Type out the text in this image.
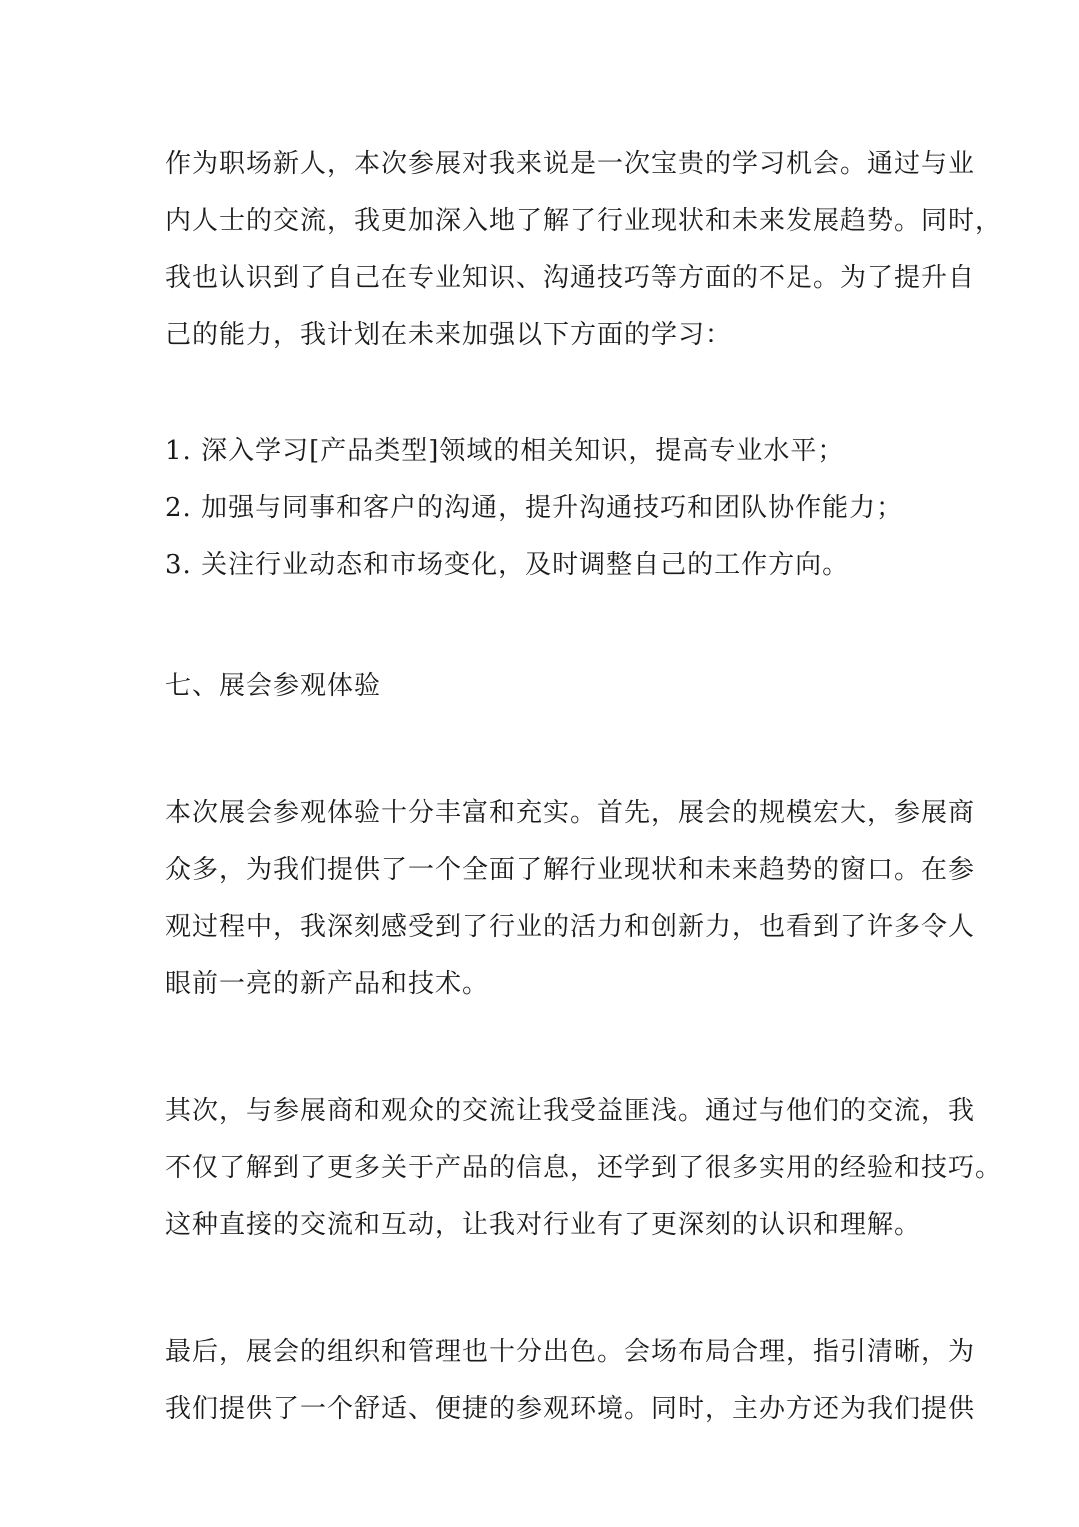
作为职场新人，本次参展对我来说是一次宝贵的学习机会。通过与业
内人士的交流，我更加深入地了解了行业现状和未来发展趋势。同时，
我也认识到了自己在专业知识、沟通技巧等方面的不足。为了提升自
己的能力，我计划在未来加强以下方面的学习：
1. 深入学习[产品类型]领域的相关知识，提高专业水平；
2. 加强与同事和客户的沟通，提升沟通技巧和团队协作能力；
3. 关注行业动态和市场变化，及时调整自己的工作方向。
七、展会参观体验
本次展会参观体验十分丰富和充实。首先，展会的规模宏大，参展商
众多，为我们提供了一个全面了解行业现状和未来趋势的窗口。在参
观过程中，我深刻感受到了行业的活力和创新力，也看到了许多令人
眼前一亮的新产品和技术。
其次，与参展商和观众的交流让我受益匪浅。通过与他们的交流，我
不仅了解到了更多关于产品的信息，还学到了很多实用的经验和技巧。
这种直接的交流和互动，让我对行业有了更深刻的认识和理解。
最后，展会的组织和管理也十分出色。会场布局合理，指引清晰，为
我们提供了一个舒适、便捷的参观环境。同时，主办方还为我们提供
